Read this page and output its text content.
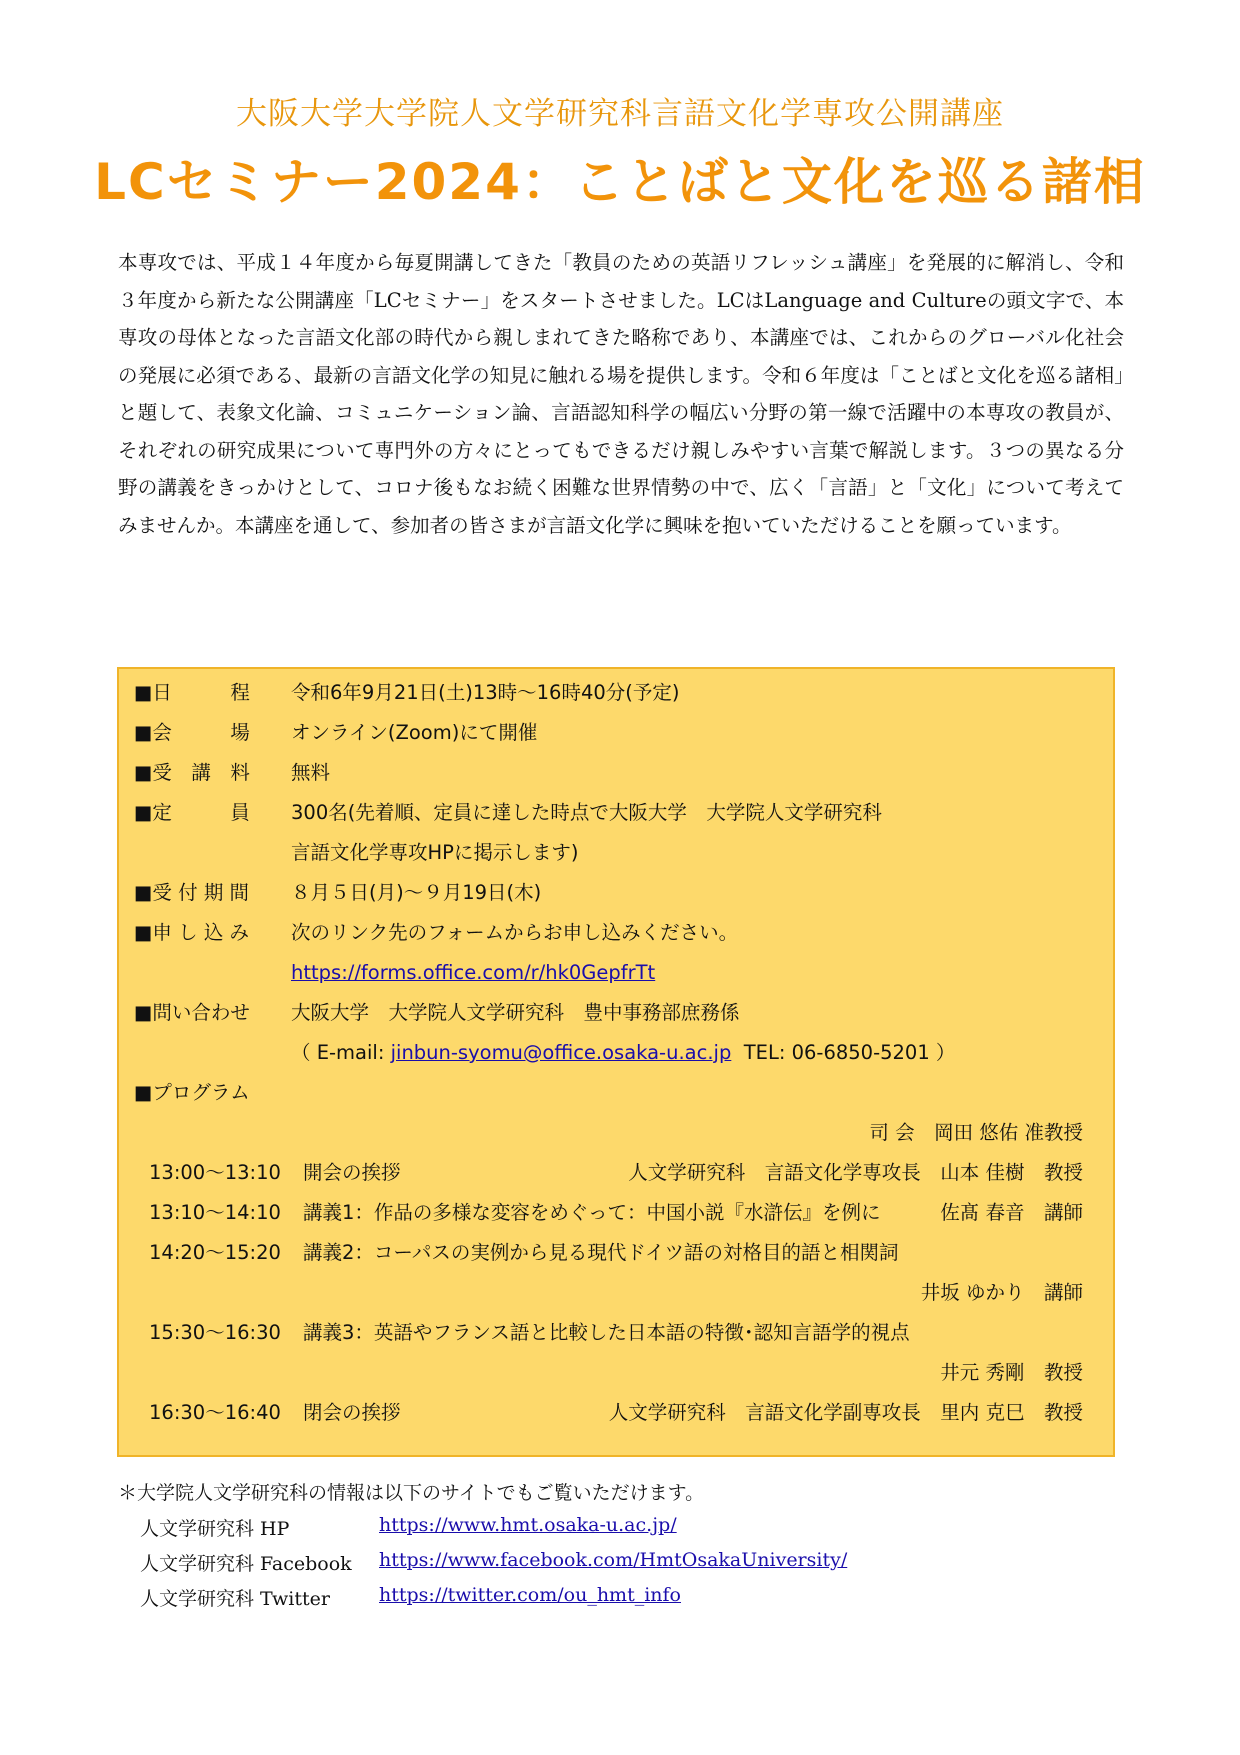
大阪大学大学院人文学研究科言語文化学専攻公開講座
LCセミナー2024：ことばと文化を巡る諸相
本専攻では、平成１４年度から毎夏開講してきた「教員のための英語リフレッシュ講座」を発展的に解消し、令和３年度から新たな公開講座「LCセミナー」をスタートさせました。LCはLanguage and Cultureの頭文字で、本専攻の母体となった言語文化部の時代から親しまれてきた略称であり、本講座では、これからのグローバル化社会の発展に必須である、最新の言語文化学の知見に触れる場を提供します。令和６年度は「ことばと文化を巡る諸相」と題して、表象文化論、コミュニケーション論、言語認知科学の幅広い分野の第一線で活躍中の本専攻の教員が、それぞれの研究成果について専門外の方々にとってもできるだけ親しみやすい言葉で解説します。３つの異なる分野の講義をきっかけとして、コロナ後もなお続く困難な世界情勢の中で、広く「言語」と「文化」について考えてみませんか。本講座を通して、参加者の皆さまが言語文化学に興味を抱いていただけることを願っています。
■日　　　程	令和6年9月21日(土)13時～16時40分(予定)
■会　　　場	オンライン(Zoom)にて開催
■受　講　料	無料
■定　　　員	300名(先着順、定員に達した時点で大阪大学　大学院人文学研究科
言語文化学専攻HPに掲示します)
■受 付 期 間	８月５日(月)～９月19日(木)
■申 し 込 み	次のリンク先のフォームからお申し込みください。
https://forms.office.com/r/hk0GepfrTt
■問い合わせ	大阪大学　大学院人文学研究科　豊中事務部庶務係
（ E-mail: jinbun-syomu@office.osaka-u.ac.jp TEL: 06-6850-5201 ）
■プログラム
司 会　岡田 悠佑 准教授
13:00～13:10 開会の挨拶	人文学研究科　言語文化学専攻長　山本 佳樹　教授
13:10～14:10 講義1：作品の多様な変容をめぐって：中国小説『水滸伝』を例に	佐髙 春音　講師
14:20～15:20 講義2：コーパスの実例から見る現代ドイツ語の対格目的語と相関詞
井坂 ゆかり　講師
15:30～16:30 講義3：英語やフランス語と比較した日本語の特徴･認知言語学的視点
井元 秀剛　教授
16:30～16:40 閉会の挨拶	人文学研究科　言語文化学副専攻長　里内 克巳　教授
＊大学院人文学研究科の情報は以下のサイトでもご覧いただけます。
人文学研究科 HP	https://www.hmt.osaka-u.ac.jp/
人文学研究科 Facebook https://www.facebook.com/HmtOsakaUniversity/
人文学研究科 Twitter	https://twitter.com/ou_hmt_info
